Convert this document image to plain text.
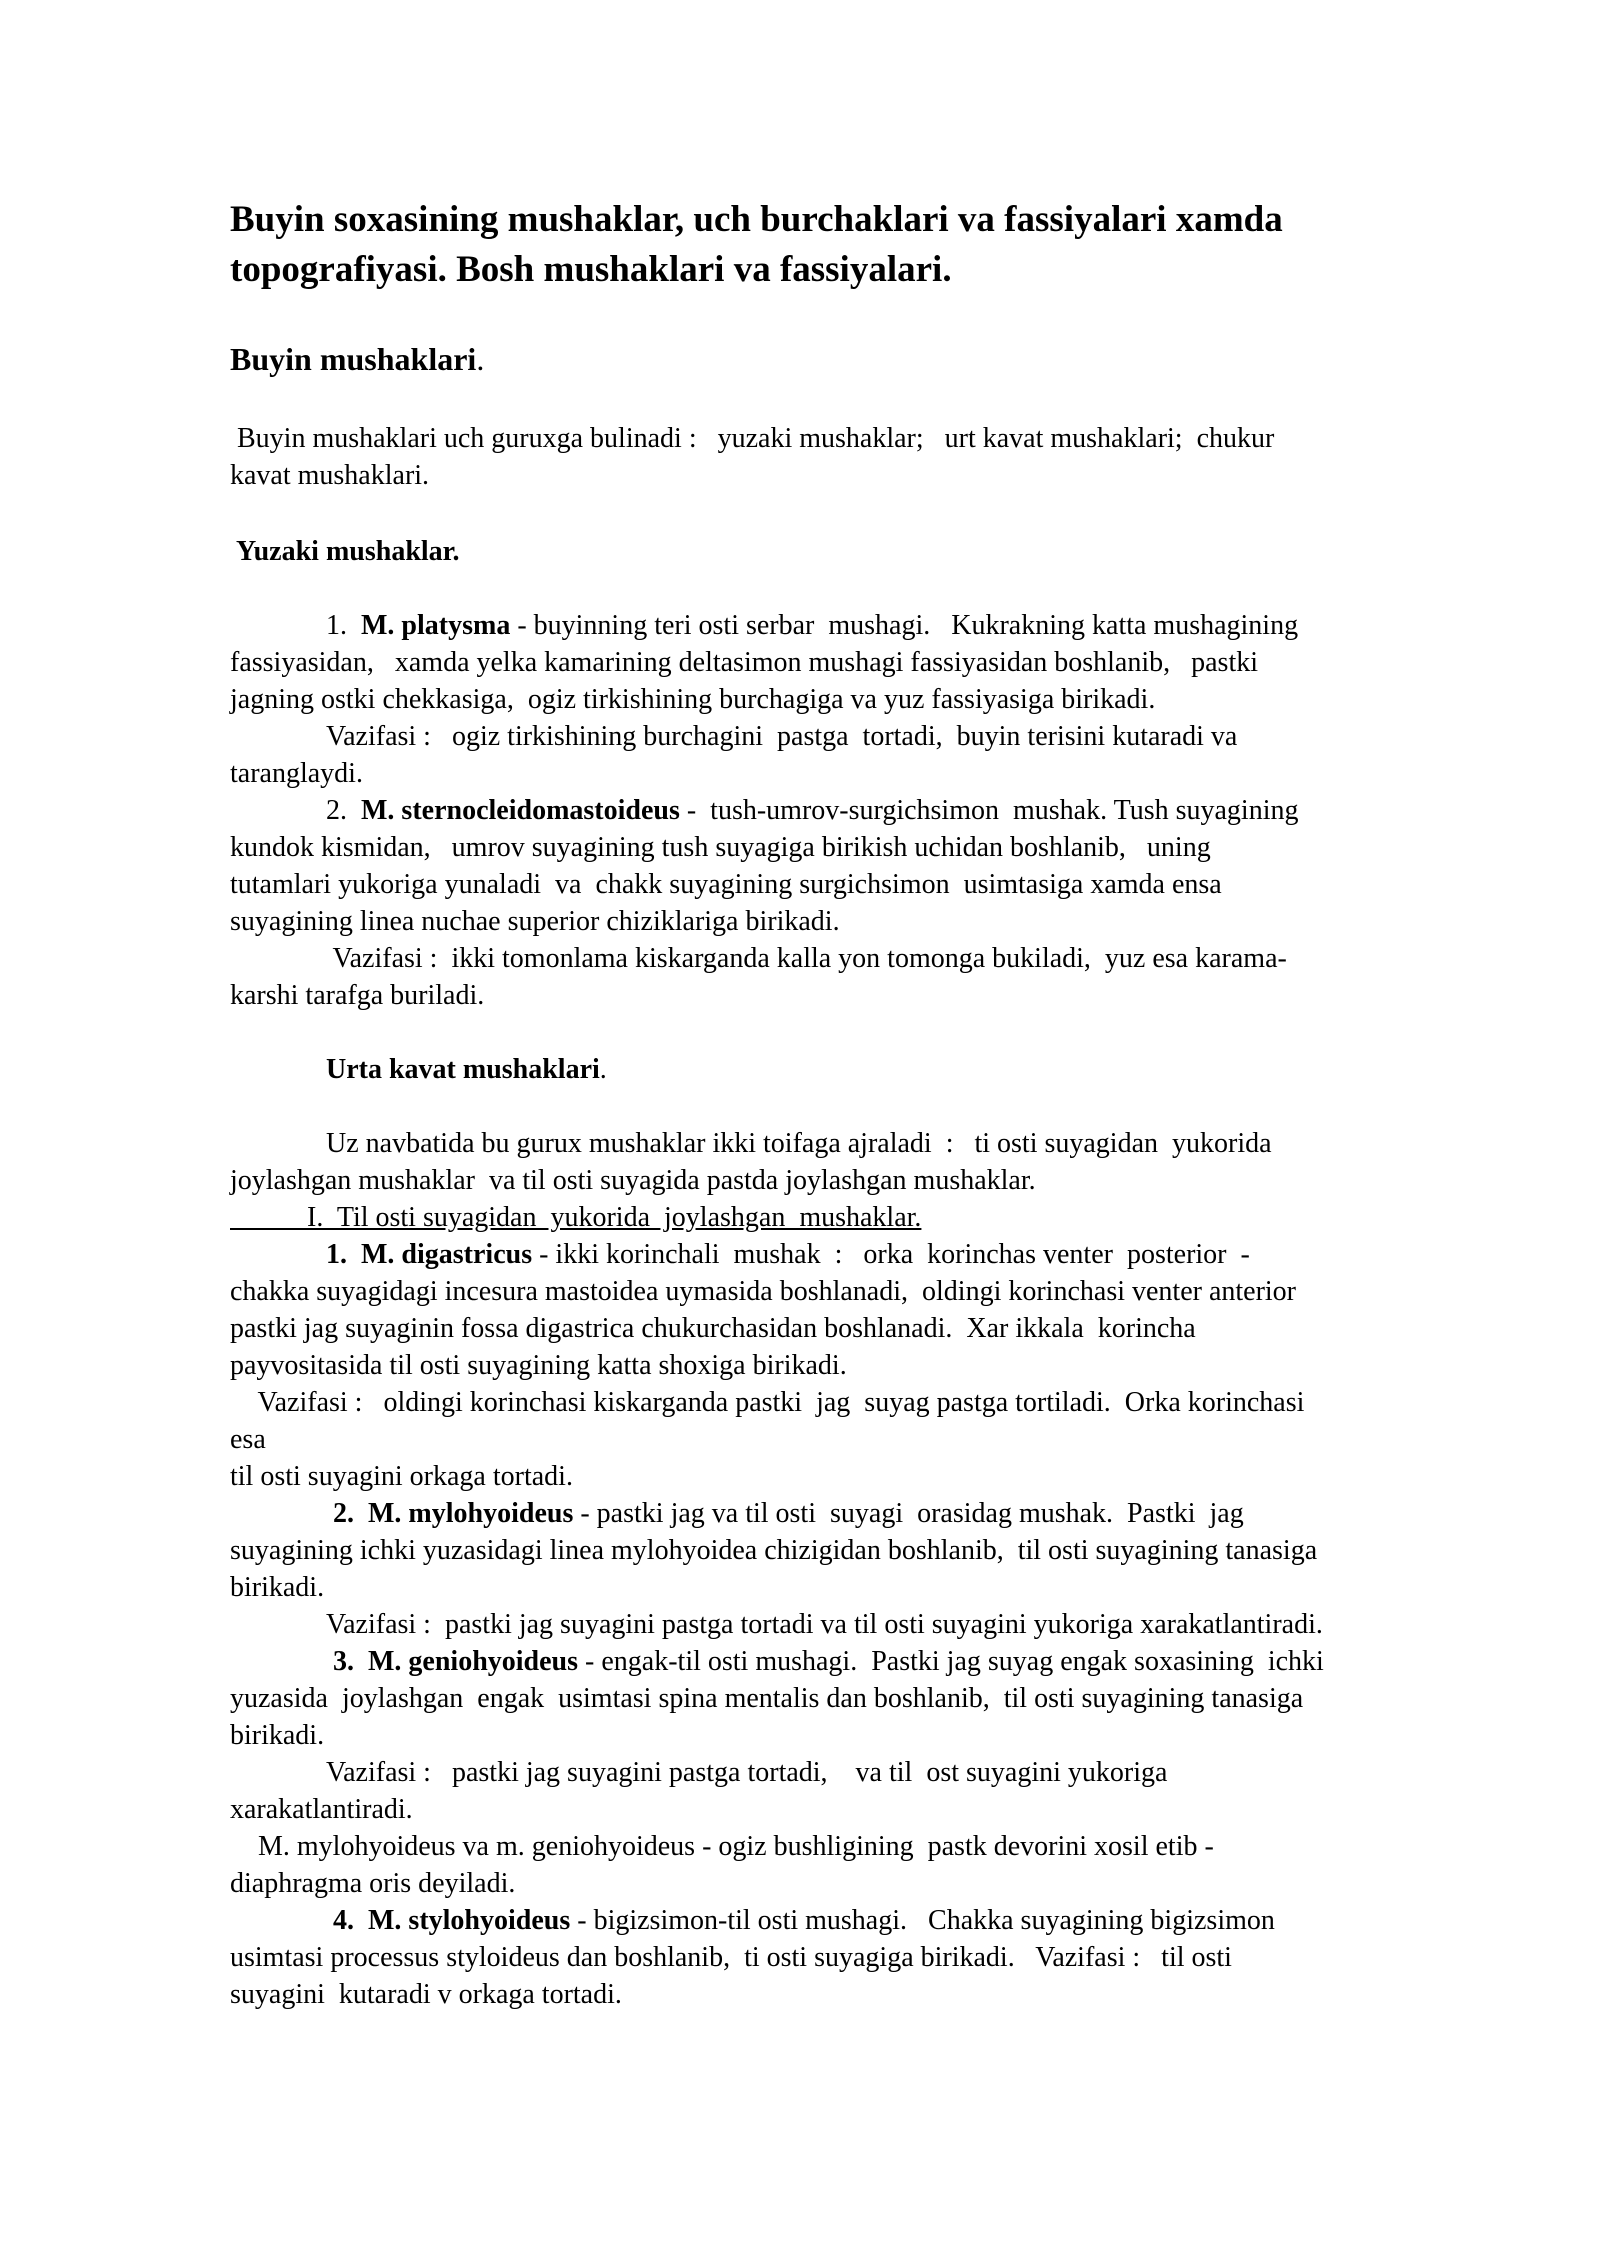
Buyin soxasining mushaklar, uch burchaklari va fassiyalari xamda

topografiyasi. Bosh mushaklari va fassiyalari.

Buyin mushaklari.

Buyin mushaklari uch guruxga bulinadi :   yuzaki mushaklar;   urt kavat mushaklari;  chukur

kavat mushaklari.

Yuzaki mushaklar.

1.  M. platysma - buyinning teri osti serbar  mushagi.   Kukrakning katta mushagining

fassiyasidan,   xamda yelka kamarining deltasimon mushagi fassiyasidan boshlanib,   pastki

jagning ostki chekkasiga,  ogiz tirkishining burchagiga va yuz fassiyasiga birikadi.

Vazifasi :   ogiz tirkishining burchagini  pastga  tortadi,  buyin terisini kutaradi va

taranglaydi.

2.  M. sternocleidomastoideus -  tush-umrov-surgichsimon  mushak. Tush suyagining

kundok kismidan,   umrov suyagining tush suyagiga birikish uchidan boshlanib,   uning

tutamlari yukoriga yunaladi  va  chakk suyagining surgichsimon  usimtasiga xamda ensa

suyagining linea nuchae superior chiziklariga birikadi.

Vazifasi :  ikki tomonlama kiskarganda kalla yon tomonga bukiladi,  yuz esa karama-

karshi tarafga buriladi.

Urta kavat mushaklari.

Uz navbatida bu gurux mushaklar ikki toifaga ajraladi  :   ti osti suyagidan  yukorida

joylashgan mushaklar  va til osti suyagida pastda joylashgan mushaklar.

I.  Til osti suyagidan  yukorida  joylashgan  mushaklar.

1.  M. digastricus - ikki korinchali  mushak  :   orka  korinchas venter  posterior  -

chakka suyagidagi incesura mastoidea uymasida boshlanadi,  oldingi korinchasi venter anterior

pastki jag suyaginin fossa digastrica chukurchasidan boshlanadi.  Xar ikkala  korincha

payvositasida til osti suyagining katta shoxiga birikadi.

Vazifasi :   oldingi korinchasi kiskarganda pastki  jag  suyag pastga tortiladi.  Orka korinchasi

esa

til osti suyagini orkaga tortadi.

2.  M. mylohyoideus - pastki jag va til osti  suyagi  orasidag mushak.  Pastki  jag

suyagining ichki yuzasidagi linea mylohyoidea chizigidan boshlanib,  til osti suyagining tanasiga

birikadi.

Vazifasi :  pastki jag suyagini pastga tortadi va til osti suyagini yukoriga xarakatlantiradi.

3.  M. geniohyoideus - engak-til osti mushagi.  Pastki jag suyag engak soxasining  ichki

yuzasida  joylashgan  engak  usimtasi spina mentalis dan boshlanib,  til osti suyagining tanasiga

birikadi.

Vazifasi :   pastki jag suyagini pastga tortadi,    va til  ost suyagini yukoriga

xarakatlantiradi.

M. mylohyoideus va m. geniohyoideus - ogiz bushligining  pastk devorini xosil etib -

diaphragma oris deyiladi.

4.  M. stylohyoideus - bigizsimon-til osti mushagi.   Chakka suyagining bigizsimon

usimtasi processus styloideus dan boshlanib,  ti osti suyagiga birikadi.   Vazifasi :   til osti

suyagini  kutaradi v orkaga tortadi.
